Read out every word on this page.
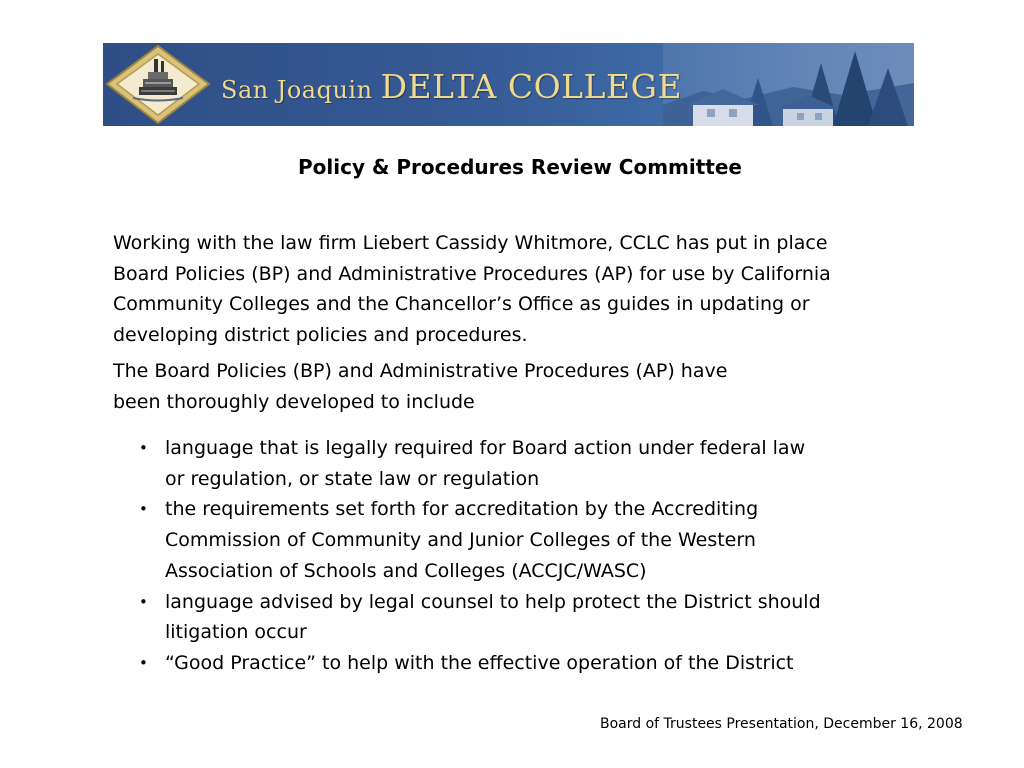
San Joaquin DELTA COLLEGE
Policy & Procedures Review Committee
Working with the law firm Liebert Cassidy Whitmore, CCLC has put in place
Board Policies (BP) and Administrative Procedures (AP) for use by California
Community Colleges and the Chancellor’s Office as guides in updating or
developing district policies and procedures.
The Board Policies (BP) and Administrative Procedures (AP) have
been thoroughly developed to include
• language that is legally required for Board action under federal law
or regulation, or state law or regulation
• the requirements set forth for accreditation by the Accrediting
Commission of Community and Junior Colleges of the Western
Association of Schools and Colleges (ACCJC/WASC)
• language advised by legal counsel to help protect the District should
litigation occur
• “Good Practice” to help with the effective operation of the District
Board of Trustees Presentation, December 16, 2008
